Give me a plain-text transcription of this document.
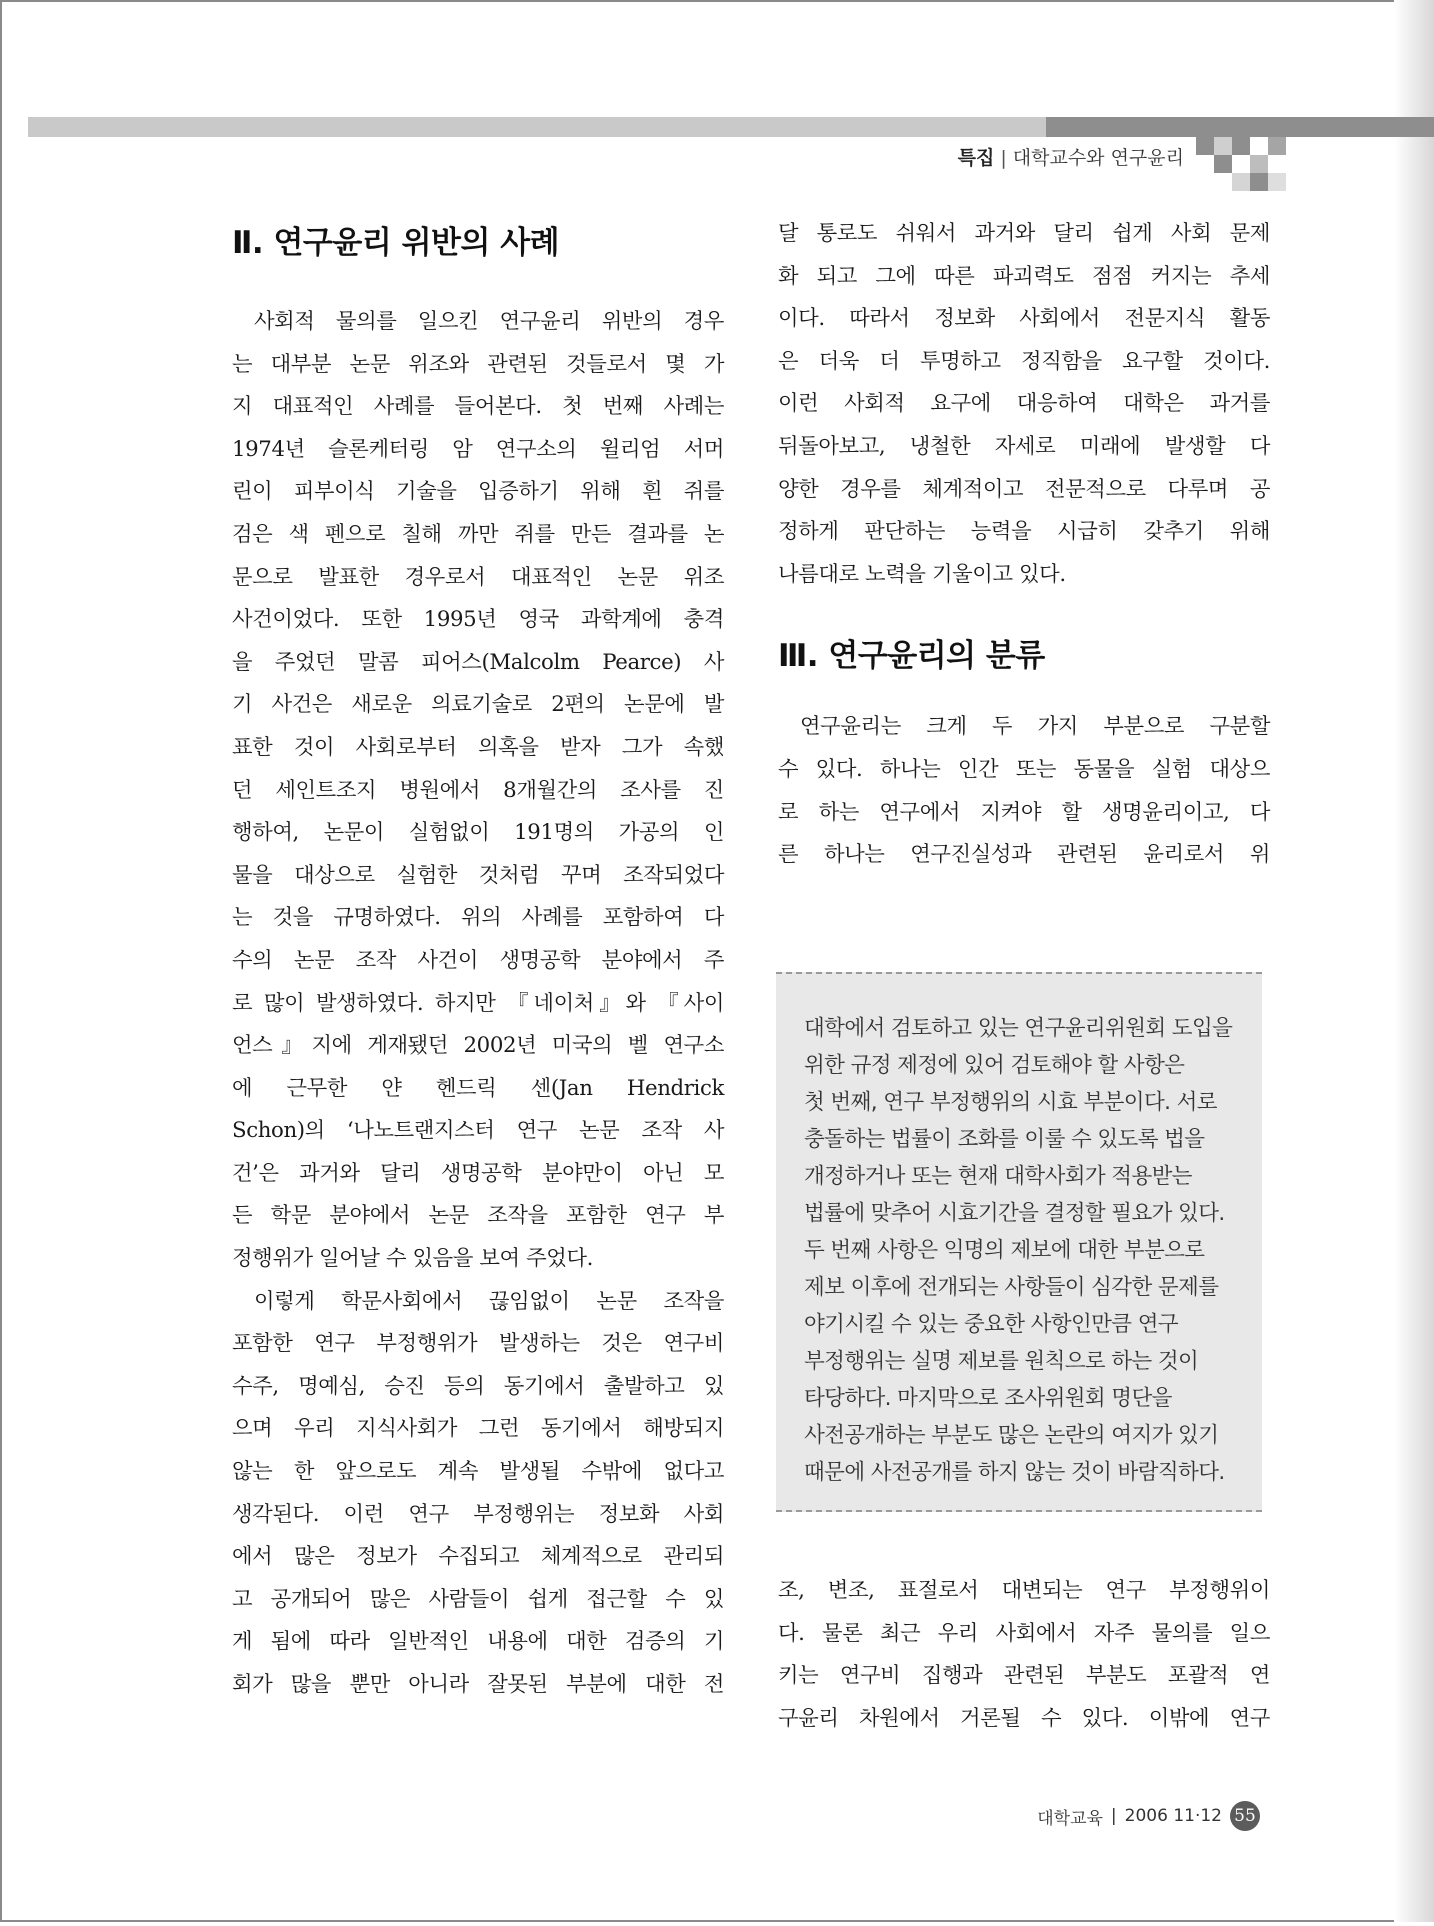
특집 | 대학교수와 연구윤리
Ⅱ. 연구윤리 위반의 사례
사회적 물의를 일으킨 연구윤리 위반의 경우
는 대부분 논문 위조와 관련된 것들로서 몇 가
지 대표적인 사례를 들어본다. 첫 번째 사례는
1974년 슬론케터링 암 연구소의 윌리엄 서머
린이 피부이식 기술을 입증하기 위해 흰 쥐를
검은 색 펜으로 칠해 까만 쥐를 만든 결과를 논
문으로 발표한 경우로서 대표적인 논문 위조
사건이었다. 또한 1995년 영국 과학계에 충격
을 주었던 말콤 피어스(Malcolm Pearce) 사
기 사건은 새로운 의료기술로 2편의 논문에 발
표한 것이 사회로부터 의혹을 받자 그가 속했
던 세인트조지 병원에서 8개월간의 조사를 진
행하여, 논문이 실험없이 191명의 가공의 인
물을 대상으로 실험한 것처럼 꾸며 조작되었다
는 것을 규명하였다. 위의 사례를 포함하여 다
수의 논문 조작 사건이 생명공학 분야에서 주
로 많이 발생하였다. 하지만 『네이처』와 『사이
언스』지에 게재됐던 2002년 미국의 벨 연구소
에 근무한 얀 헨드릭 센(Jan Hendrick
Schon)의 ‘나노트랜지스터 연구 논문 조작 사
건’은 과거와 달리 생명공학 분야만이 아닌 모
든 학문 분야에서 논문 조작을 포함한 연구 부
정행위가 일어날 수 있음을 보여 주었다.
이렇게 학문사회에서 끊임없이 논문 조작을
포함한 연구 부정행위가 발생하는 것은 연구비
수주, 명예심, 승진 등의 동기에서 출발하고 있
으며 우리 지식사회가 그런 동기에서 해방되지
않는 한 앞으로도 계속 발생될 수밖에 없다고
생각된다. 이런 연구 부정행위는 정보화 사회
에서 많은 정보가 수집되고 체계적으로 관리되
고 공개되어 많은 사람들이 쉽게 접근할 수 있
게 됨에 따라 일반적인 내용에 대한 검증의 기
회가 많을 뿐만 아니라 잘못된 부분에 대한 전
달 통로도 쉬워서 과거와 달리 쉽게 사회 문제
화 되고 그에 따른 파괴력도 점점 커지는 추세
이다. 따라서 정보화 사회에서 전문지식 활동
은 더욱 더 투명하고 정직함을 요구할 것이다.
이런 사회적 요구에 대응하여 대학은 과거를
뒤돌아보고, 냉철한 자세로 미래에 발생할 다
양한 경우를 체계적이고 전문적으로 다루며 공
정하게 판단하는 능력을 시급히 갖추기 위해
나름대로 노력을 기울이고 있다.
Ⅲ. 연구윤리의 분류
연구윤리는 크게 두 가지 부분으로 구분할
수 있다. 하나는 인간 또는 동물을 실험 대상으
로 하는 연구에서 지켜야 할 생명윤리이고, 다
른 하나는 연구진실성과 관련된 윤리로서 위
대학에서 검토하고 있는 연구윤리위원회 도입을
위한 규정 제정에 있어 검토해야 할 사항은
첫 번째, 연구 부정행위의 시효 부분이다. 서로
충돌하는 법률이 조화를 이룰 수 있도록 법을
개정하거나 또는 현재 대학사회가 적용받는
법률에 맞추어 시효기간을 결정할 필요가 있다.
두 번째 사항은 익명의 제보에 대한 부분으로
제보 이후에 전개되는 사항들이 심각한 문제를
야기시킬 수 있는 중요한 사항인만큼 연구
부정행위는 실명 제보를 원칙으로 하는 것이
타당하다. 마지막으로 조사위원회 명단을
사전공개하는 부분도 많은 논란의 여지가 있기
때문에 사전공개를 하지 않는 것이 바람직하다.
조, 변조, 표절로서 대변되는 연구 부정행위이
다. 물론 최근 우리 사회에서 자주 물의를 일으
키는 연구비 집행과 관련된 부분도 포괄적 연
구윤리 차원에서 거론될 수 있다. 이밖에 연구
대학교육 | 2006 11·12 55
